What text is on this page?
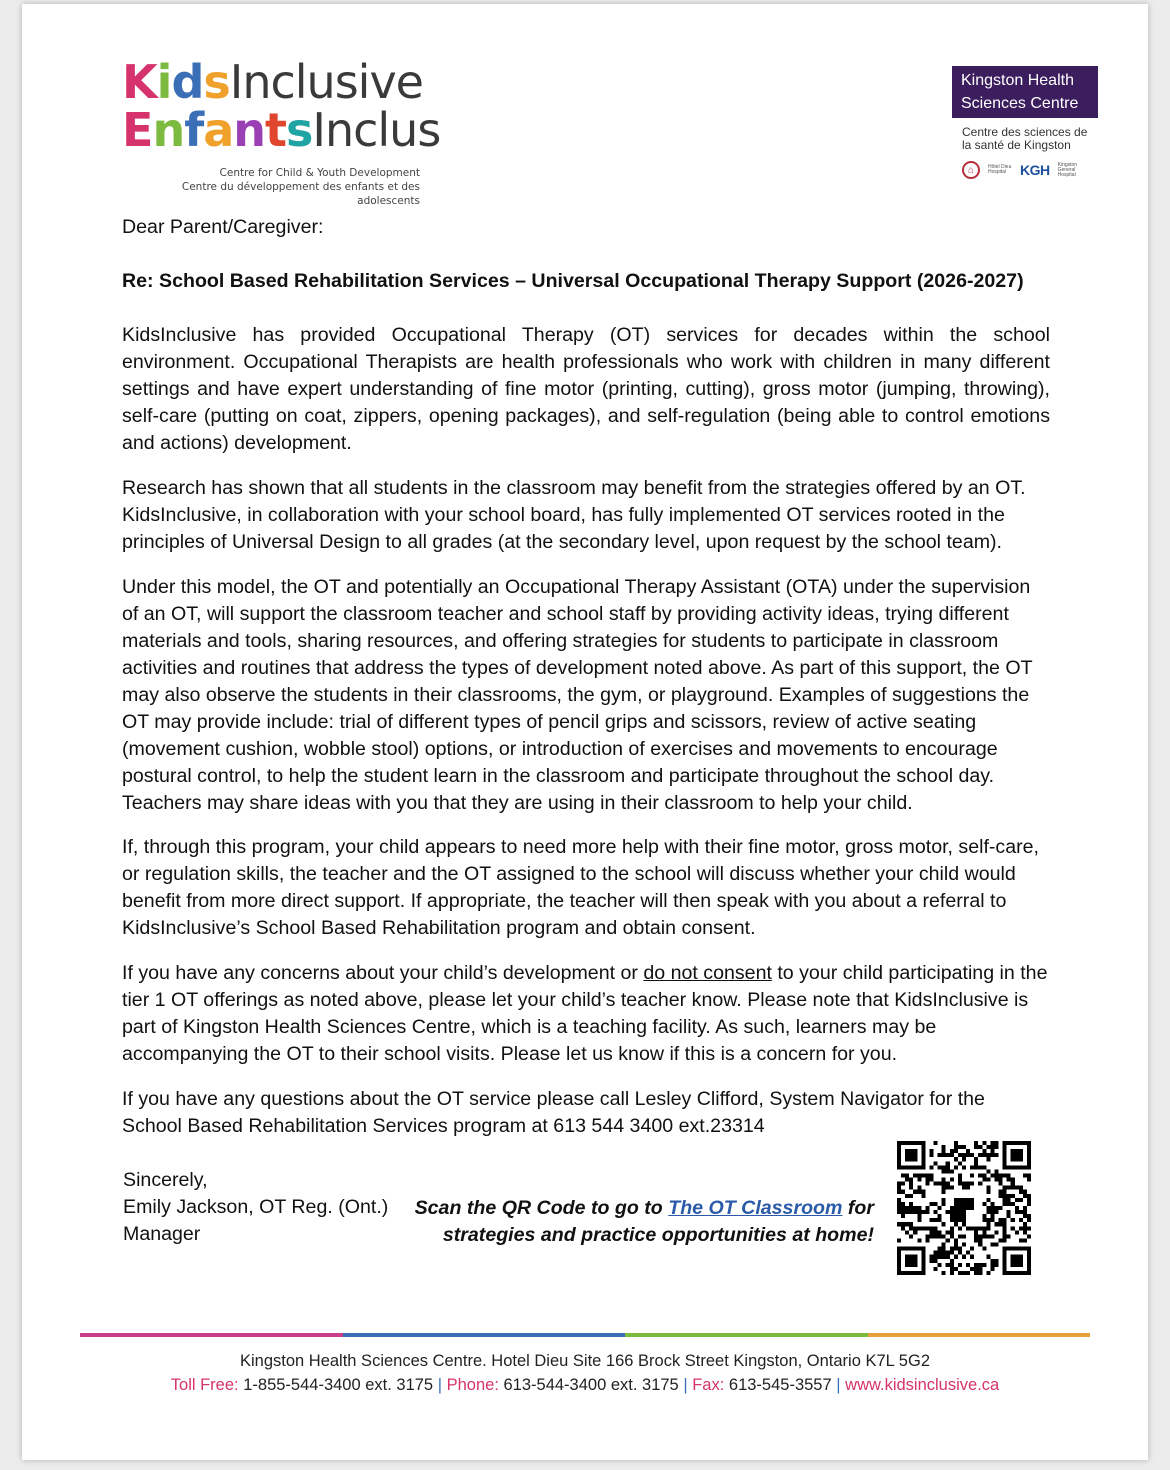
KidsInclusive
EnfantsInclus
Centre for Child & Youth Development
Centre du développement des enfants et des adolescents
Kingston Health
Sciences Centre
Centre des sciences de
la santé de Kingston
⌂	Hôtel Dieu Hospital KGH Kingston General Hospital
Dear Parent/Caregiver:
Re: School Based Rehabilitation Services – Universal Occupational Therapy Support (2026-2027)
KidsInclusive has provided Occupational Therapy (OT) services for decades within the school environment. Occupational Therapists are health professionals who work with children in many different settings and have expert understanding of fine motor (printing, cutting), gross motor (jumping, throwing), self-care (putting on coat, zippers, opening packages), and self-regulation (being able to control emotions and actions) development.
Research has shown that all students in the classroom may benefit from the strategies offered by an OT. KidsInclusive, in collaboration with your school board, has fully implemented OT services rooted in the principles of Universal Design to all grades (at the secondary level, upon request by the school team).
Under this model, the OT and potentially an Occupational Therapy Assistant (OTA) under the supervision of an OT, will support the classroom teacher and school staff by providing activity ideas, trying different materials and tools, sharing resources, and offering strategies for students to participate in classroom activities and routines that address the types of development noted above. As part of this support, the OT may also observe the students in their classrooms, the gym, or playground. Examples of suggestions the OT may provide include: trial of different types of pencil grips and scissors, review of active seating (movement cushion, wobble stool) options, or introduction of exercises and movements to encourage postural control, to help the student learn in the classroom and participate throughout the school day. Teachers may share ideas with you that they are using in their classroom to help your child.
If, through this program, your child appears to need more help with their fine motor, gross motor, self-care, or regulation skills, the teacher and the OT assigned to the school will discuss whether your child would benefit from more direct support. If appropriate, the teacher will then speak with you about a referral to KidsInclusive’s School Based Rehabilitation program and obtain consent.
If you have any concerns about your child’s development or do not consent to your child participating in the tier 1 OT offerings as noted above, please let your child’s teacher know. Please note that KidsInclusive is part of Kingston Health Sciences Centre, which is a teaching facility. As such, learners may be accompanying the OT to their school visits. Please let us know if this is a concern for you.
If you have any questions about the OT service please call Lesley Clifford, System Navigator for the School Based Rehabilitation Services program at 613 544 3400 ext.23314
Sincerely,
Emily Jackson, OT Reg. (Ont.)
Manager
Scan the QR Code to go to The OT Classroom for
strategies and practice opportunities at home!
Kingston Health Sciences Centre. Hotel Dieu Site 166 Brock Street Kingston, Ontario K7L 5G2
Toll Free: 1-855-544-3400 ext. 3175 | Phone: 613-544-3400 ext. 3175 | Fax: 613-545-3557 | www.kidsinclusive.ca
